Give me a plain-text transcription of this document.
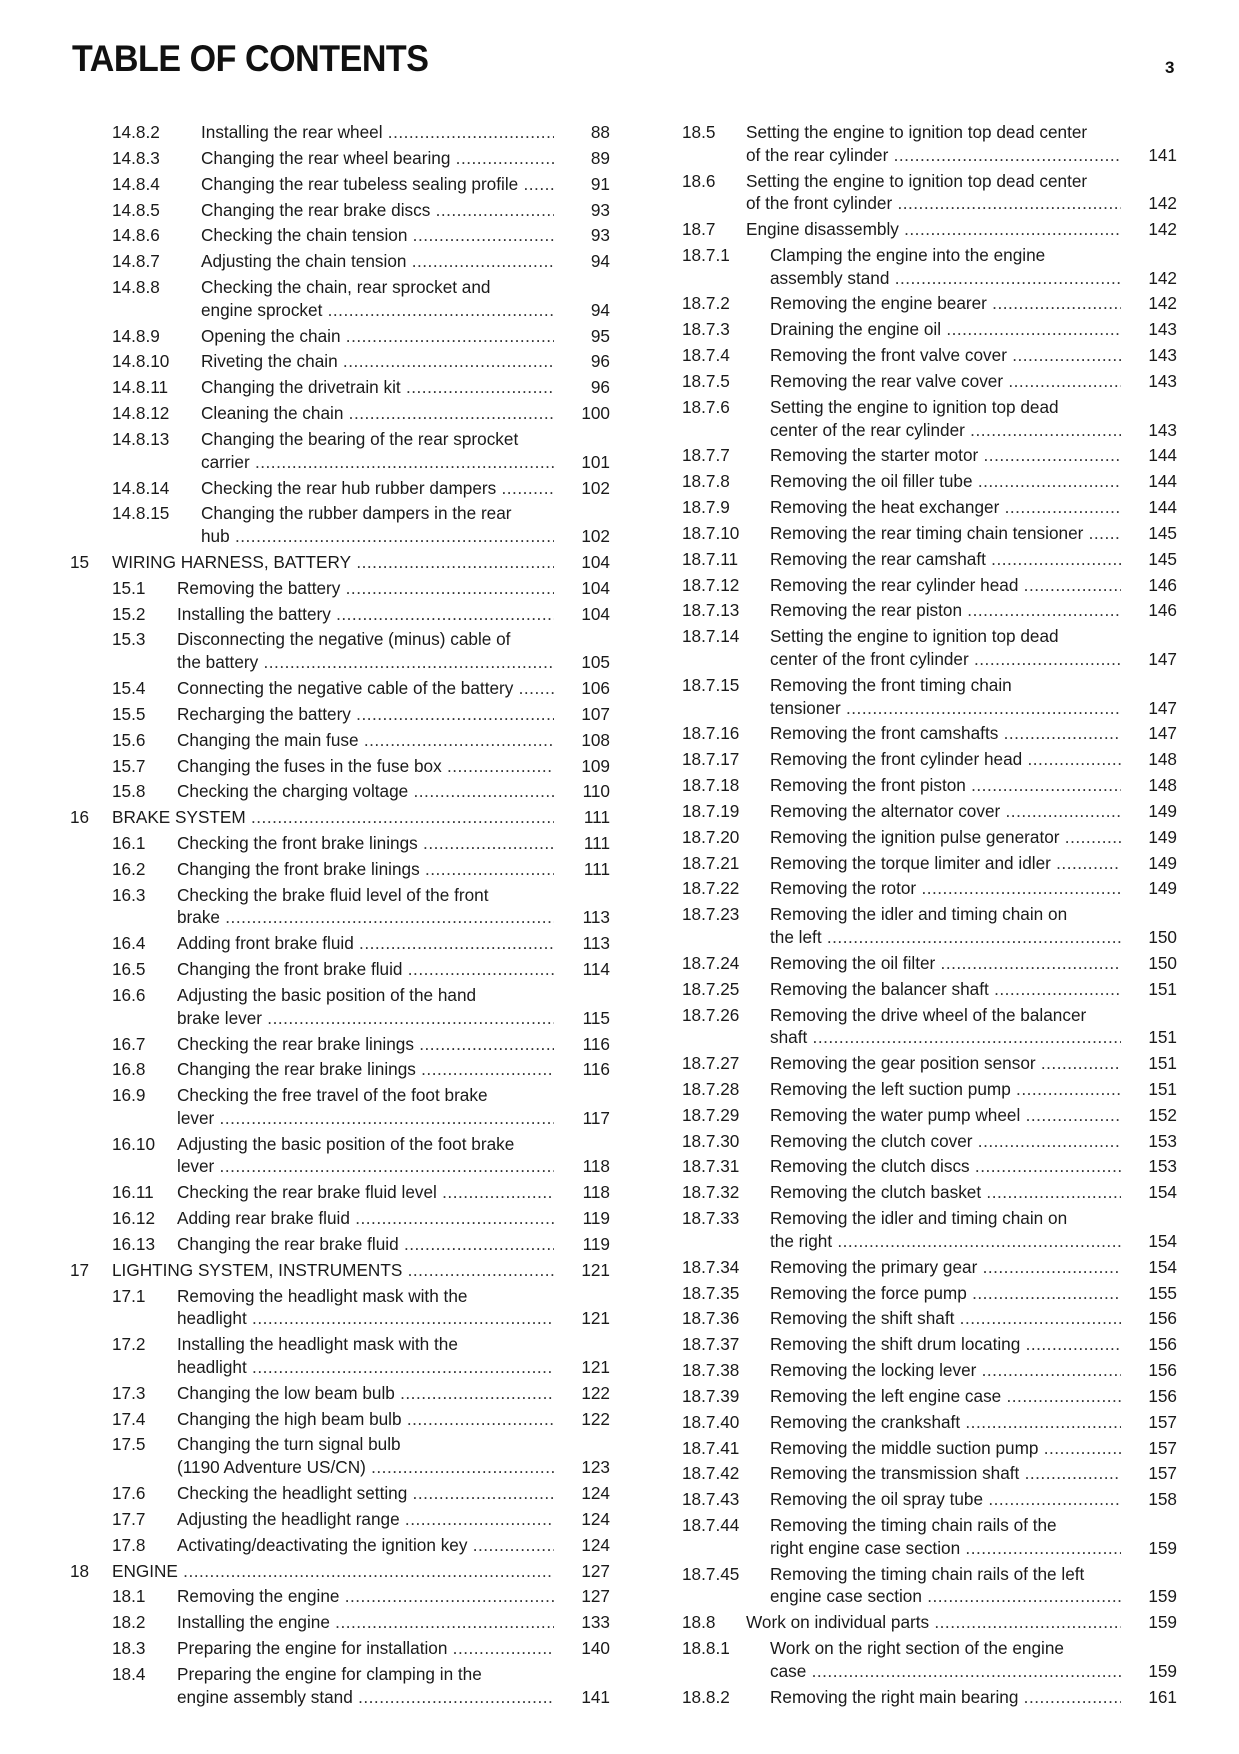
TABLE OF CONTENTS	3
14.8.2 Installing the rear wheel .....	88
14.8.3 Changing the rear wheel bearing .....	89
14.8.4 Changing the rear tubeless sealing profile .....	91
14.8.5 Changing the rear brake discs .....	93
14.8.6 Checking the chain tension .....	93
14.8.7 Adjusting the chain tension .....	94
14.8.8 Checking the chain, rear sprocket and
engine sprocket .....	94
14.8.9 Opening the chain .....	95
14.8.10 Riveting the chain .....	96
14.8.11 Changing the drivetrain kit .....	96
14.8.12 Cleaning the chain .....	100
14.8.13 Changing the bearing of the rear sprocket
carrier .....	101
14.8.14 Checking the rear hub rubber dampers .....	102
14.8.15 Changing the rubber dampers in the rear
hub .....	102
15 WIRING HARNESS, BATTERY .....	104
15.1 Removing the battery .....	104
15.2 Installing the battery .....	104
15.3 Disconnecting the negative (minus) cable of
the battery .....	105
15.4 Connecting the negative cable of the battery .....	106
15.5 Recharging the battery .....	107
15.6 Changing the main fuse .....	108
15.7 Changing the fuses in the fuse box .....	109
15.8 Checking the charging voltage .....	110
16 BRAKE SYSTEM .....	111
16.1 Checking the front brake linings .....	111
16.2 Changing the front brake linings .....	111
16.3 Checking the brake fluid level of the front
brake .....	113
16.4 Adding front brake fluid .....	113
16.5 Changing the front brake fluid .....	114
16.6 Adjusting the basic position of the hand
brake lever .....	115
16.7 Checking the rear brake linings .....	116
16.8 Changing the rear brake linings .....	116
16.9 Checking the free travel of the foot brake
lever .....	117
16.10 Adjusting the basic position of the foot brake
lever .....	118
16.11 Checking the rear brake fluid level .....	118
16.12 Adding rear brake fluid .....	119
16.13 Changing the rear brake fluid .....	119
17 LIGHTING SYSTEM, INSTRUMENTS .....	121
17.1 Removing the headlight mask with the
headlight .....	121
17.2 Installing the headlight mask with the
headlight .....	121
17.3 Changing the low beam bulb .....	122
17.4 Changing the high beam bulb .....	122
17.5 Changing the turn signal bulb
(1190 Adventure US/CN) .....	123
17.6 Checking the headlight setting .....	124
17.7 Adjusting the headlight range .....	124
17.8 Activating/deactivating the ignition key .....	124
18 ENGINE .....	127
18.1 Removing the engine .....	127
18.2 Installing the engine .....	133
18.3 Preparing the engine for installation .....	140
18.4 Preparing the engine for clamping in the
engine assembly stand .....	141
18.5 Setting the engine to ignition top dead center
of the rear cylinder .....	141
18.6 Setting the engine to ignition top dead center
of the front cylinder .....	142
18.7 Engine disassembly .....	142
18.7.1 Clamping the engine into the engine
assembly stand .....	142
18.7.2 Removing the engine bearer .....	142
18.7.3 Draining the engine oil .....	143
18.7.4 Removing the front valve cover .....	143
18.7.5 Removing the rear valve cover .....	143
18.7.6 Setting the engine to ignition top dead
center of the rear cylinder .....	143
18.7.7 Removing the starter motor .....	144
18.7.8 Removing the oil filler tube .....	144
18.7.9 Removing the heat exchanger .....	144
18.7.10 Removing the rear timing chain tensioner .....	145
18.7.11 Removing the rear camshaft .....	145
18.7.12 Removing the rear cylinder head .....	146
18.7.13 Removing the rear piston .....	146
18.7.14 Setting the engine to ignition top dead
center of the front cylinder .....	147
18.7.15 Removing the front timing chain
tensioner .....	147
18.7.16 Removing the front camshafts .....	147
18.7.17 Removing the front cylinder head .....	148
18.7.18 Removing the front piston .....	148
18.7.19 Removing the alternator cover .....	149
18.7.20 Removing the ignition pulse generator .....	149
18.7.21 Removing the torque limiter and idler .....	149
18.7.22 Removing the rotor .....	149
18.7.23 Removing the idler and timing chain on
the left .....	150
18.7.24 Removing the oil filter .....	150
18.7.25 Removing the balancer shaft .....	151
18.7.26 Removing the drive wheel of the balancer
shaft .....	151
18.7.27 Removing the gear position sensor .....	151
18.7.28 Removing the left suction pump .....	151
18.7.29 Removing the water pump wheel .....	152
18.7.30 Removing the clutch cover .....	153
18.7.31 Removing the clutch discs .....	153
18.7.32 Removing the clutch basket .....	154
18.7.33 Removing the idler and timing chain on
the right .....	154
18.7.34 Removing the primary gear .....	154
18.7.35 Removing the force pump .....	155
18.7.36 Removing the shift shaft .....	156
18.7.37 Removing the shift drum locating .....	156
18.7.38 Removing the locking lever .....	156
18.7.39 Removing the left engine case .....	156
18.7.40 Removing the crankshaft .....	157
18.7.41 Removing the middle suction pump .....	157
18.7.42 Removing the transmission shaft .....	157
18.7.43 Removing the oil spray tube .....	158
18.7.44 Removing the timing chain rails of the
right engine case section .....	159
18.7.45 Removing the timing chain rails of the left
engine case section .....	159
18.8 Work on individual parts .....	159
18.8.1 Work on the right section of the engine
case .....	159
18.8.2 Removing the right main bearing .....	161
